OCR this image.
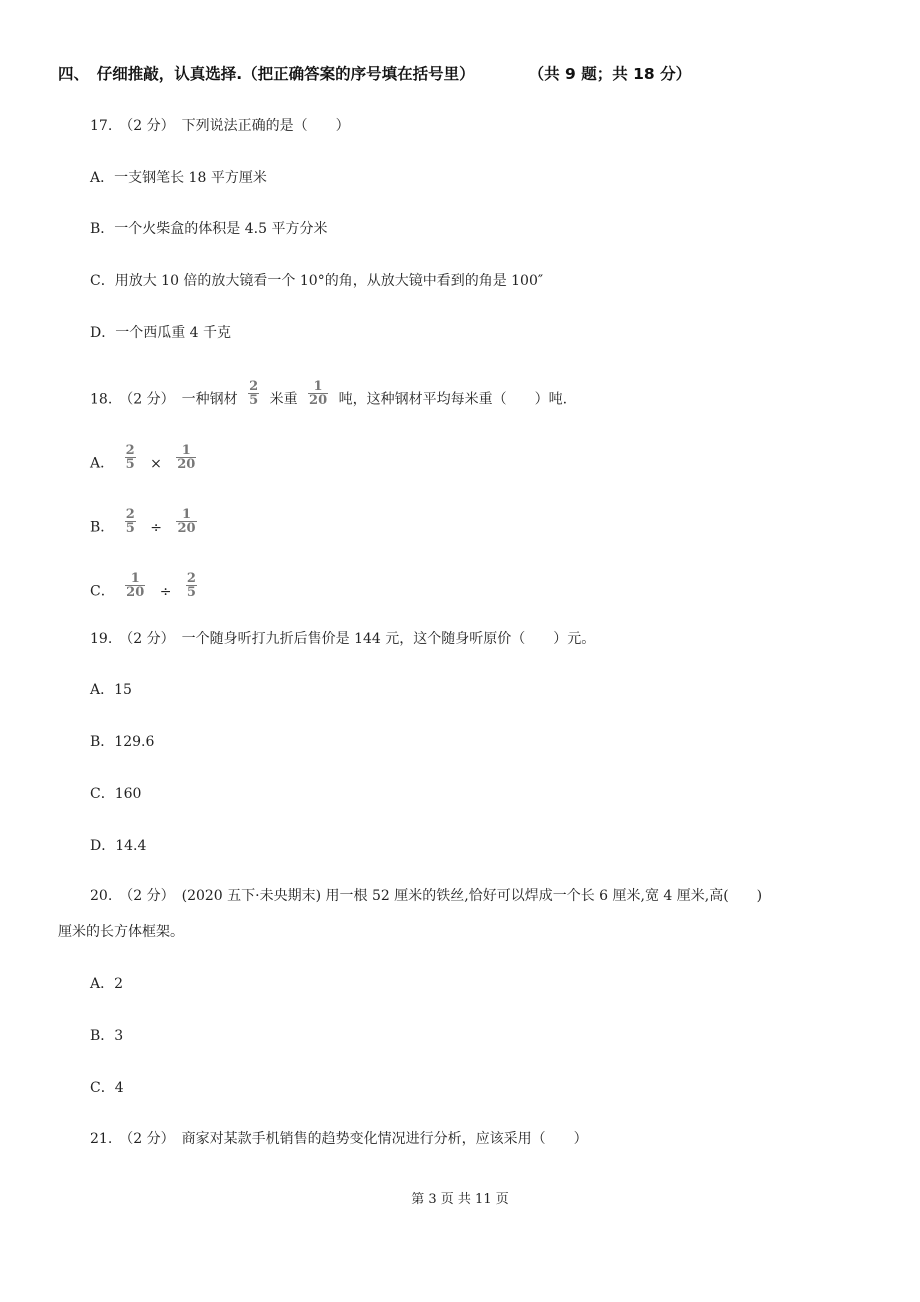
四、　仔细推敲，认真选择.（把正确答案的序号填在括号里）	（共 9 题；共 18 分）
17.　（2 分）　下列说法正确的是（　　）
A．一支钢笔长 18 平方厘米
B．一个火柴盒的体积是 4.5 平方分米
C．用放大 10 倍的放大镜看一个 10°的角，从放大镜中看到的角是 100″
D．一个西瓜重 4 千克
18.　（2 分）　一种钢材 $\frac{2}{5}$ 米重 $\frac{1}{20}$ 吨，这种钢材平均每米重（　　）吨.
A． $\frac{2}{5} \times \frac{1}{20}$
B． $\frac{2}{5} \div \frac{1}{20}$
C． $\frac{1}{20} \div \frac{2}{5}$
19.　（2 分）　一个随身听打九折后售价是 144 元，这个随身听原价（　　）元。
A．15
B．129.6
C．160
D．14.4
20.　（2 分）　(2020 五下·未央期末) 用一根 52 厘米的铁丝,恰好可以焊成一个长 6 厘米,宽 4 厘米,高(　　)
厘米的长方体框架。
A．2
B．3
C．4
21.　（2 分）　商家对某款手机销售的趋势变化情况进行分析，应该采用（　　）
第 3 页 共 11 页
